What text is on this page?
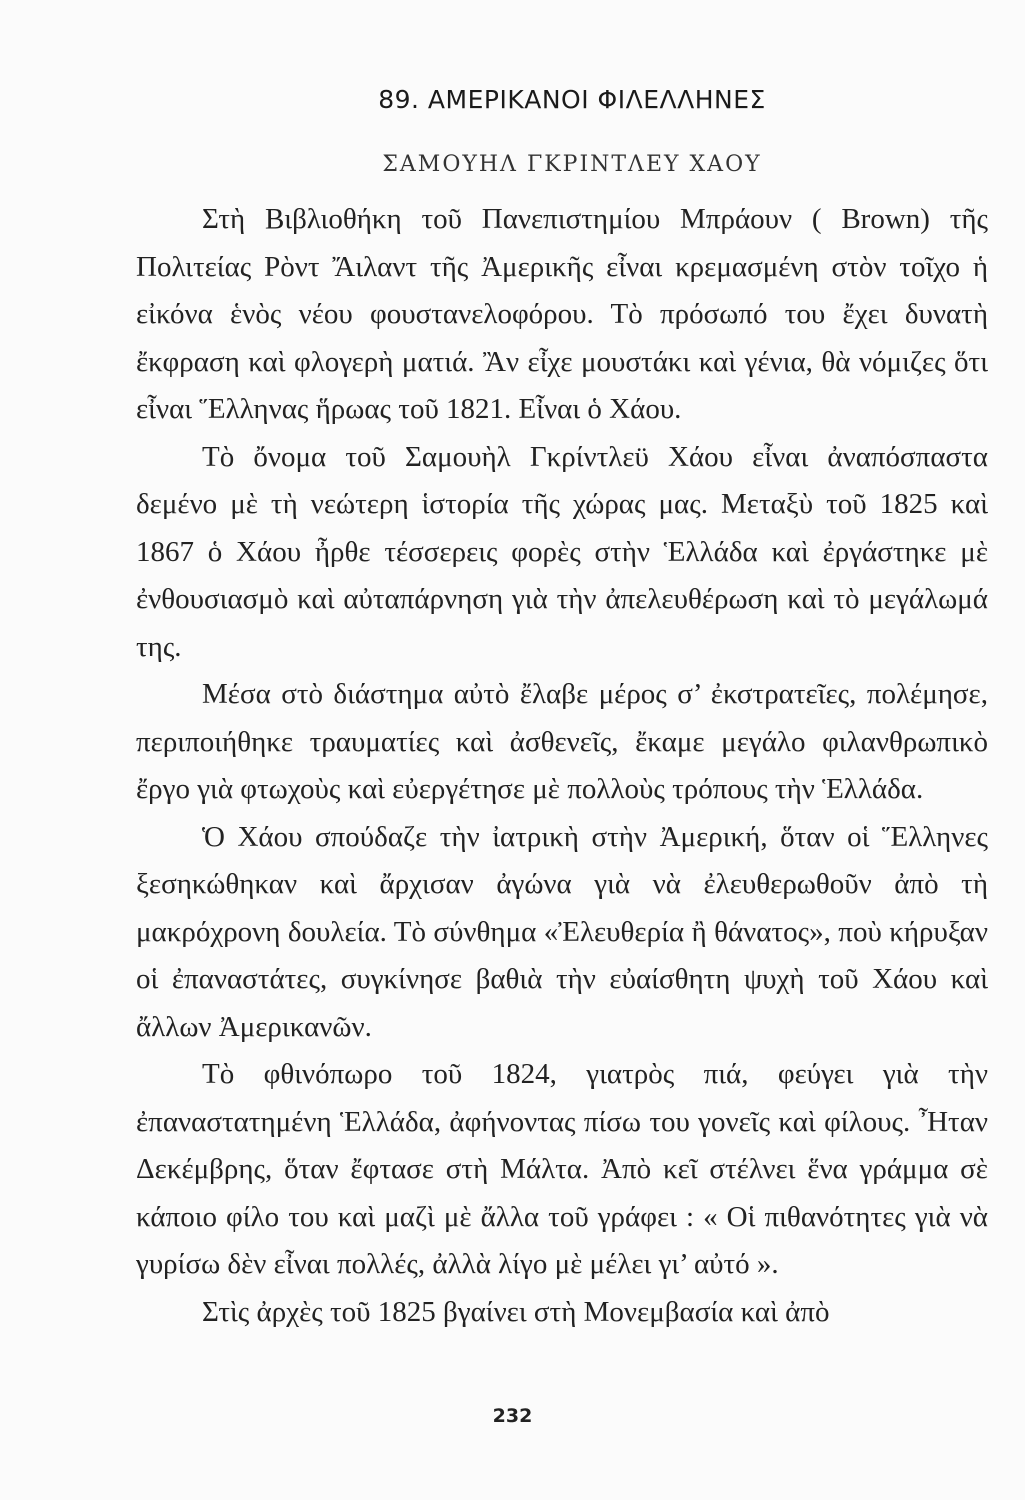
89. ΑΜΕΡΙΚΑΝΟΙ ΦΙΛΕΛΛΗΝΕΣ
ΣΑΜΟΥΗΛ ΓΚΡΙΝΤΛΕΥ ΧΑΟΥ

Στὴ Βιβλιοθήκη τοῦ Πανεπιστημίου Μπράουν ( Brown) τῆς Πολιτείας Ρὸντ Ἄιλαντ τῆς Ἀμερικῆς εἶναι κρεμασμένη στὸν τοῖχο ἡ εἰκόνα ἑνὸς νέου φουστανελοφόρου. Τὸ πρόσωπό του ἔχει δυνατὴ ἔκφραση καὶ φλογερὴ ματιά. Ἂν εἶχε μουστάκι καὶ γένια, θὰ νόμιζες ὅτι εἶναι Ἕλληνας ἥρωας τοῦ 1821. Εἶναι ὁ Χάου.

Τὸ ὄνομα τοῦ Σαμουὴλ Γκρίντλεϋ Χάου εἶναι ἀναπόσπαστα δεμένο μὲ τὴ νεώτερη ἱστορία τῆς χώρας μας. Μεταξὺ τοῦ 1825 καὶ 1867 ὁ Χάου ἦρθε τέσσερεις φορὲς στὴν Ἑλλάδα καὶ ἐργάστηκε μὲ ἐνθουσιασμὸ καὶ αὐταπάρνηση γιὰ τὴν ἀπελευθέρωση καὶ τὸ μεγάλωμά της.

Μέσα στὸ διάστημα αὐτὸ ἔλαβε μέρος σ’ ἐκστρατεῖες, πολέμησε, περιποιήθηκε τραυματίες καὶ ἀσθενεῖς, ἔκαμε μεγάλο φιλανθρωπικὸ ἔργο γιὰ φτωχοὺς καὶ εὐεργέτησε μὲ πολλοὺς τρόπους τὴν Ἑλλάδα.

Ὁ Χάου σπούδαζε τὴν ἰατρικὴ στὴν Ἀμερική, ὅταν οἱ Ἕλληνες ξεσηκώθηκαν καὶ ἄρχισαν ἀγώνα γιὰ νὰ ἐλευθερωθοῦν ἀπὸ τὴ μακρόχρονη δουλεία. Τὸ σύνθημα «Ἐλευθερία ἢ θάνατος», ποὺ κήρυξαν οἱ ἐπαναστάτες, συγκίνησε βαθιὰ τὴν εὐαίσθητη ψυχὴ τοῦ Χάου καὶ ἄλλων Ἀμερικανῶν.

Τὸ φθινόπωρο τοῦ 1824, γιατρὸς πιά, φεύγει γιὰ τὴν ἐπαναστατημένη Ἑλλάδα, ἀφήνοντας πίσω του γονεῖς καὶ φίλους. Ἦταν Δεκέμβρης, ὅταν ἔφτασε στὴ Μάλτα. Ἀπὸ κεῖ στέλνει ἕνα γράμμα σὲ κάποιο φίλο του καὶ μαζὶ μὲ ἄλλα τοῦ γράφει : « Οἱ πιθανότητες γιὰ νὰ γυρίσω δὲν εἶναι πολλές, ἀλλὰ λίγο μὲ μέλει γι’ αὐτό ».

Στὶς ἀρχὲς τοῦ 1825 βγαίνει στὴ Μονεμβασία καὶ ἀπὸ

232
